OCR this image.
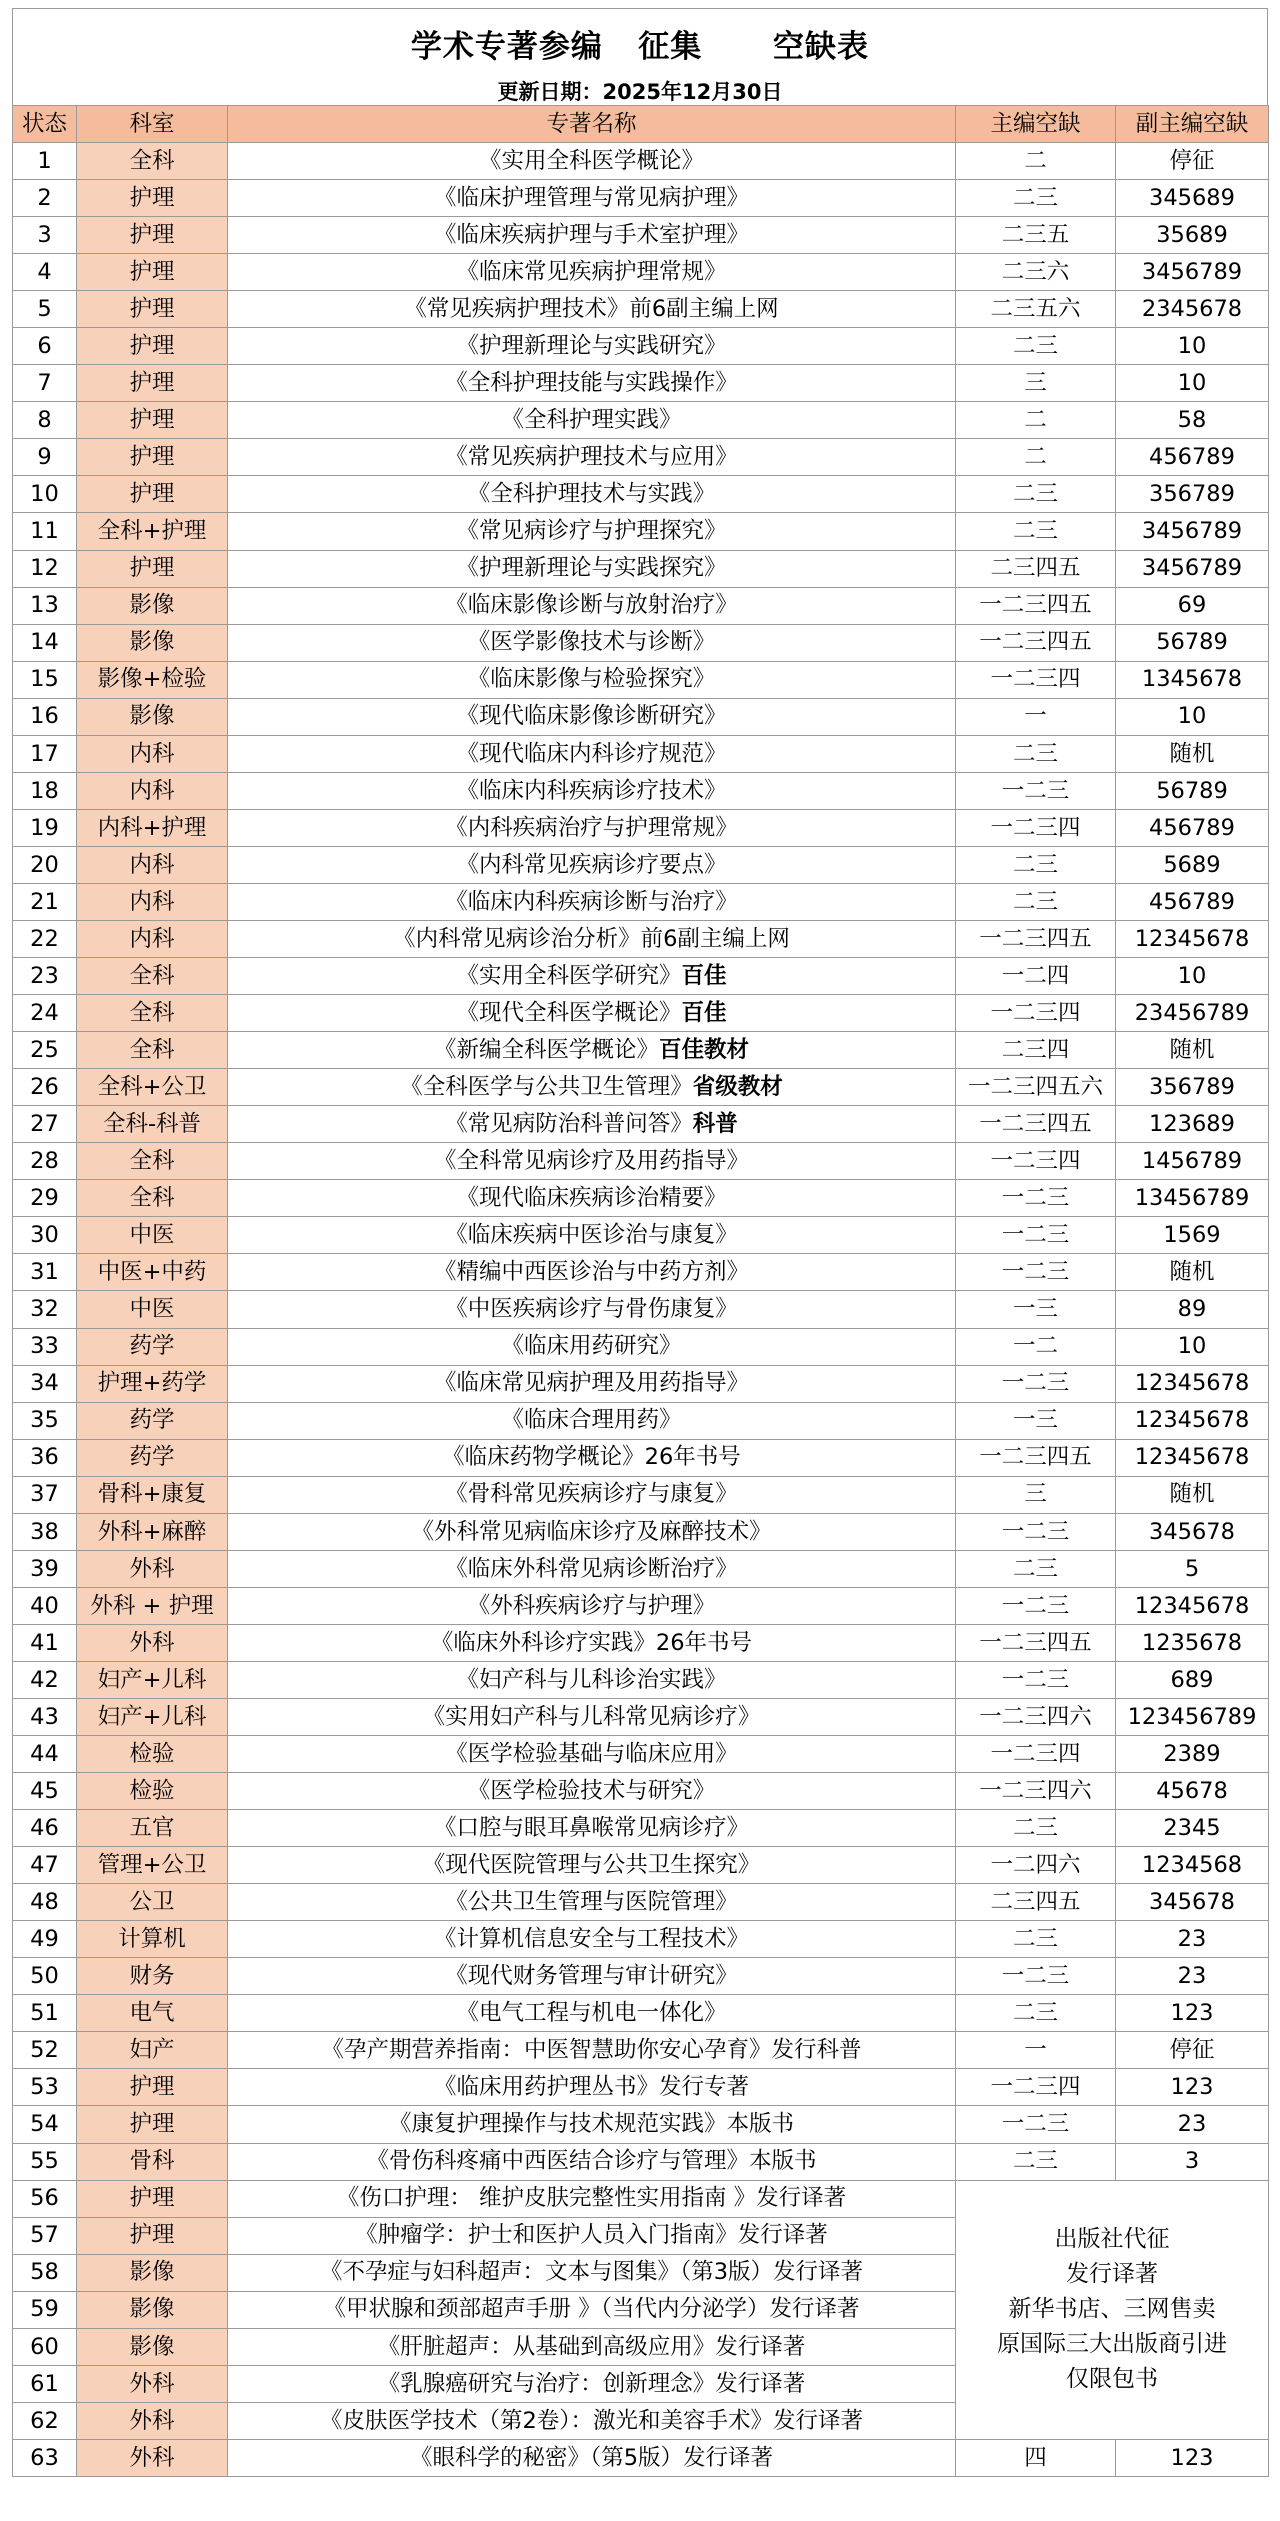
学术专著参编   征集      空缺表
更新日期：2025年12月30日
状态	科室	专著名称	主编空缺	副主编空缺
1	全科	《实用全科医学概论》	二	停征
2	护理	《临床护理管理与常见病护理》	二三	345689
3	护理	《临床疾病护理与手术室护理》	二三五	35689
4	护理	《临床常见疾病护理常规》	二三六	3456789
5	护理	《常见疾病护理技术》前6副主编上网	二三五六	2345678
6	护理	《护理新理论与实践研究》	二三	10
7	护理	《全科护理技能与实践操作》	三	10
8	护理	《全科护理实践》	二	58
9	护理	《常见疾病护理技术与应用》	二	456789
10	护理	《全科护理技术与实践》	二三	356789
11	全科+护理	《常见病诊疗与护理探究》	二三	3456789
12	护理	《护理新理论与实践探究》	二三四五	3456789
13	影像	《临床影像诊断与放射治疗》	一二三四五	69
14	影像	《医学影像技术与诊断》	一二三四五	56789
15	影像+检验	《临床影像与检验探究》	一二三四	1345678
16	影像	《现代临床影像诊断研究》	一	10
17	内科	《现代临床内科诊疗规范》	二三	随机
18	内科	《临床内科疾病诊疗技术》	一二三	56789
19	内科+护理	《内科疾病治疗与护理常规》	一二三四	456789
20	内科	《内科常见疾病诊疗要点》	二三	5689
21	内科	《临床内科疾病诊断与治疗》	二三	456789
22	内科	《内科常见病诊治分析》前6副主编上网	一二三四五	12345678
23	全科	《实用全科医学研究》百佳	一二四	10
24	全科	《现代全科医学概论》百佳	一二三四	23456789
25	全科	《新编全科医学概论》百佳教材	二三四	随机
26	全科+公卫	《全科医学与公共卫生管理》省级教材	一二三四五六	356789
27	全科-科普	《常见病防治科普问答》科普	一二三四五	123689
28	全科	《全科常见病诊疗及用药指导》	一二三四	1456789
29	全科	《现代临床疾病诊治精要》	一二三	13456789
30	中医	《临床疾病中医诊治与康复》	一二三	1569
31	中医+中药	《精编中西医诊治与中药方剂》	一二三	随机
32	中医	《中医疾病诊疗与骨伤康复》	一三	89
33	药学	《临床用药研究》	一二	10
34	护理+药学	《临床常见病护理及用药指导》	一二三	12345678
35	药学	《临床合理用药》	一三	12345678
36	药学	《临床药物学概论》26年书号	一二三四五	12345678
37	骨科+康复	《骨科常见疾病诊疗与康复》	三	随机
38	外科+麻醉	《外科常见病临床诊疗及麻醉技术》	一二三	345678
39	外科	《临床外科常见病诊断治疗》	二三	5
40	外科 + 护理	《外科疾病诊疗与护理》	一二三	12345678
41	外科	《临床外科诊疗实践》26年书号	一二三四五	1235678
42	妇产+儿科	《妇产科与儿科诊治实践》	一二三	689
43	妇产+儿科	《实用妇产科与儿科常见病诊疗》	一二三四六	123456789
44	检验	《医学检验基础与临床应用》	一二三四	2389
45	检验	《医学检验技术与研究》	一二三四六	45678
46	五官	《口腔与眼耳鼻喉常见病诊疗》	二三	2345
47	管理+公卫	《现代医院管理与公共卫生探究》	一二四六	1234568
48	公卫	《公共卫生管理与医院管理》	二三四五	345678
49	计算机	《计算机信息安全与工程技术》	二三	23
50	财务	《现代财务管理与审计研究》	一二三	23
51	电气	《电气工程与机电一体化》	二三	123
52	妇产	《孕产期营养指南：中医智慧助你安心孕育》发行科普	一	停征
53	护理	《临床用药护理丛书》发行专著	一二三四	123
54	护理	《康复护理操作与技术规范实践》本版书	一二三	23
55	骨科	《骨伤科疼痛中西医结合诊疗与管理》本版书	二三	3
56	护理	《伤口护理： 维护皮肤完整性实用指南 》发行译著	出版社代征
发行译著
新华书店、三网售卖
原国际三大出版商引进
仅限包书	

57	护理	《肿瘤学：护士和医护人员入门指南》发行译著		
58	影像	《不孕症与妇科超声：文本与图集》（第3版）发行译著		
59	影像	《甲状腺和颈部超声手册 》（当代内分泌学）发行译著		
60	影像	《肝脏超声：从基础到高级应用》发行译著		
61	外科	《乳腺癌研究与治疗：创新理念》发行译著		
62	外科	《皮肤医学技术（第2卷）：激光和美容手术》发行译著		
63	外科	《眼科学的秘密》（第5版）发行译著	四	123
